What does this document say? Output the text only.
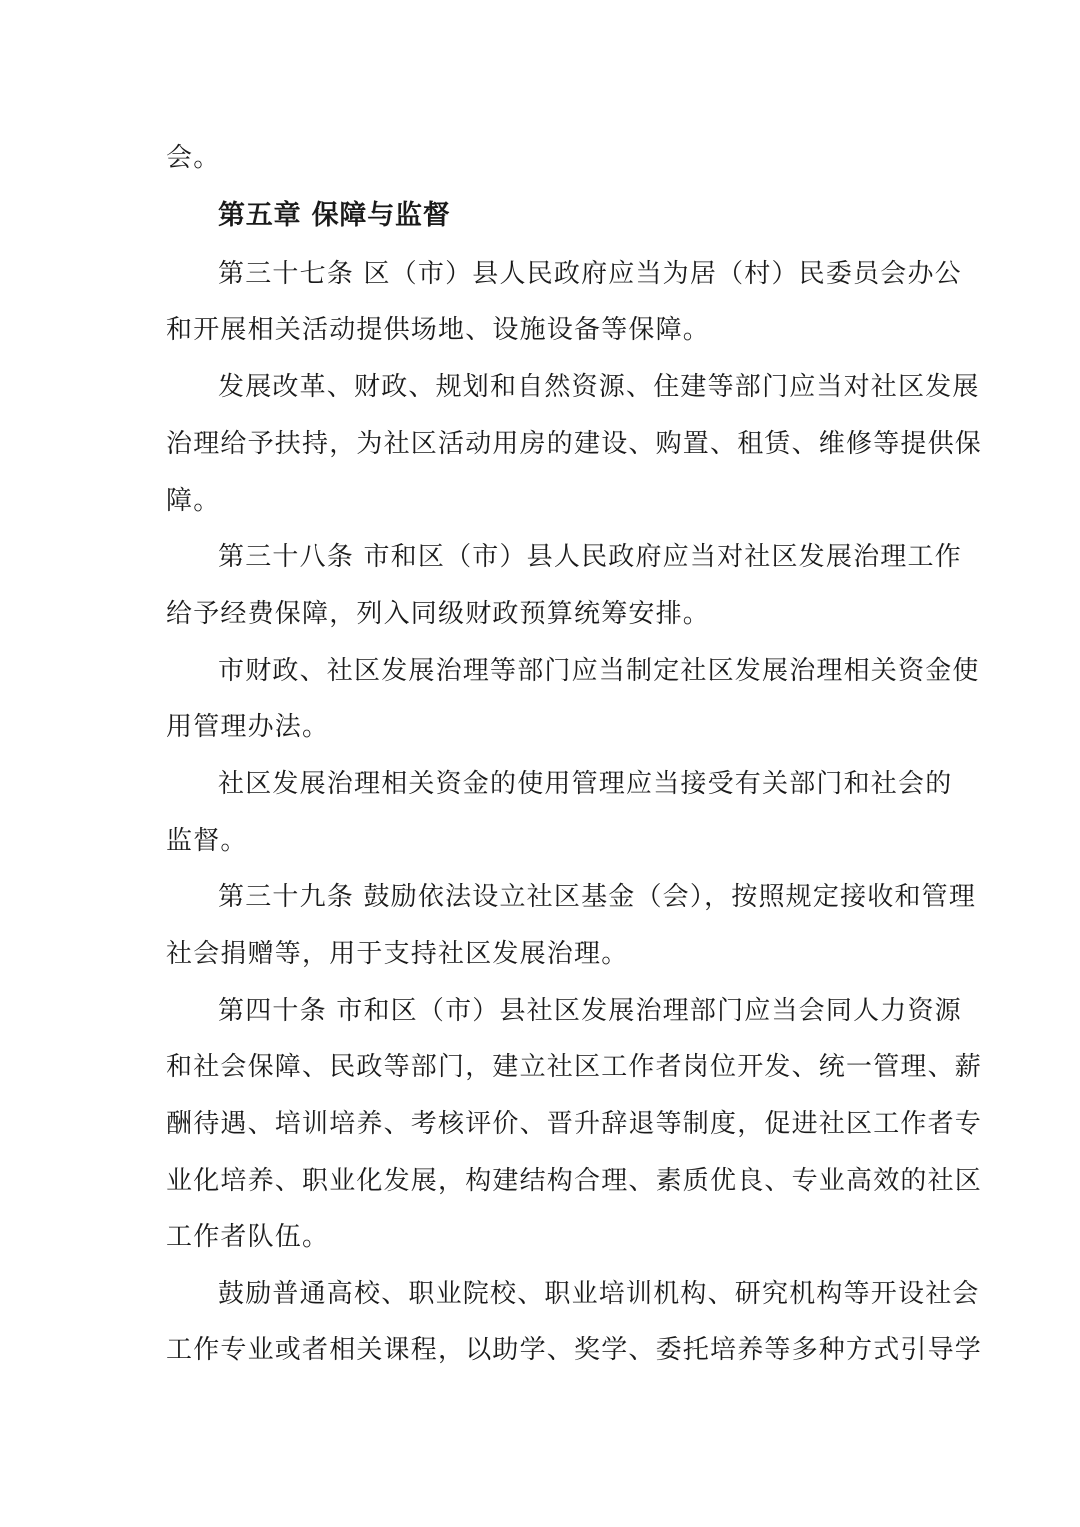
会。
第五章 保障与监督
第三十七条 区（市）县人民政府应当为居（村）民委员会办公
和开展相关活动提供场地、设施设备等保障。
发展改革、财政、规划和自然资源、住建等部门应当对社区发展
治理给予扶持，为社区活动用房的建设、购置、租赁、维修等提供保
障。
第三十八条 市和区（市）县人民政府应当对社区发展治理工作
给予经费保障，列入同级财政预算统筹安排。
市财政、社区发展治理等部门应当制定社区发展治理相关资金使
用管理办法。
社区发展治理相关资金的使用管理应当接受有关部门和社会的
监督。
第三十九条 鼓励依法设立社区基金（会），按照规定接收和管理
社会捐赠等，用于支持社区发展治理。
第四十条 市和区（市）县社区发展治理部门应当会同人力资源
和社会保障、民政等部门，建立社区工作者岗位开发、统一管理、薪
酬待遇、培训培养、考核评价、晋升辞退等制度，促进社区工作者专
业化培养、职业化发展，构建结构合理、素质优良、专业高效的社区
工作者队伍。
鼓励普通高校、职业院校、职业培训机构、研究机构等开设社会
工作专业或者相关课程，以助学、奖学、委托培养等多种方式引导学
